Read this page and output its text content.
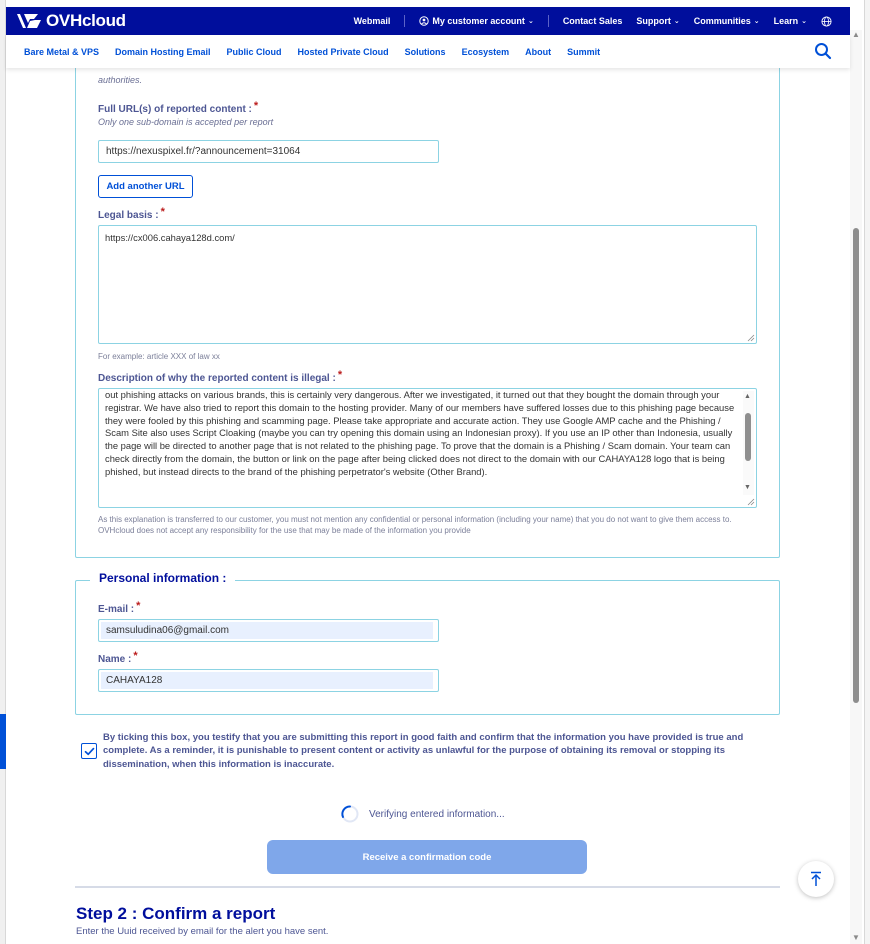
▲
▼
OVHcloud	Webmail	My customer account ⌄	Contact Sales Support ⌄ Communities ⌄ Learn ⌄
Bare Metal & VPS Domain Hosting Email Public Cloud Hosted Private Cloud Solutions Ecosystem About Summit
authorities.
Full URL(s) of reported content : *
Only one sub-domain is accepted per report
https://nexuspixel.fr/?announcement=31064
Add another URL
Legal basis : *
https://cx006.cahaya128d.com/
For example: article XXX of law xx
Description of why the reported content is illegal : *
out phishing attacks on various brands, this is certainly very dangerous. After we investigated, it turned out that they bought the domain through your registrar. We have also tried to report this domain to the hosting provider. Many of our members have suffered losses due to this phishing page because they were fooled by this phishing and scamming page. Please take appropriate and accurate action. They use Google AMP cache and the Phishing / Scam Site also uses Script Cloaking (maybe you can try opening this domain using an Indonesian proxy). If you use an IP other than Indonesia, usually the page will be directed to another page that is not related to the phishing page. To prove that the domain is a Phishing / Scam domain. Your team can check directly from the domain, the button or link on the page after being clicked does not direct to the domain with our CAHAYA128 logo that is being phished, but instead directs to the brand of the phishing perpetrator's website (Other Brand).
▲
▼
As this explanation is transferred to our customer, you must not mention any confidential or personal information (including your name) that you do not want to give them access to. OVHcloud does not accept any responsibility for the use that may be made of the information you provide
Personal information :
E-mail : *
samsuludina06@gmail.com
Name : *
CAHAYA128
By ticking this box, you testify that you are submitting this report in good faith and confirm that the information you have provided is true and complete. As a reminder, it is punishable to present content or activity as unlawful for the purpose of obtaining its removal or stopping its dissemination, when this information is inaccurate.
Verifying entered information...
Receive a confirmation code
Step 2 : Confirm a report
Enter the Uuid received by email for the alert you have sent.
